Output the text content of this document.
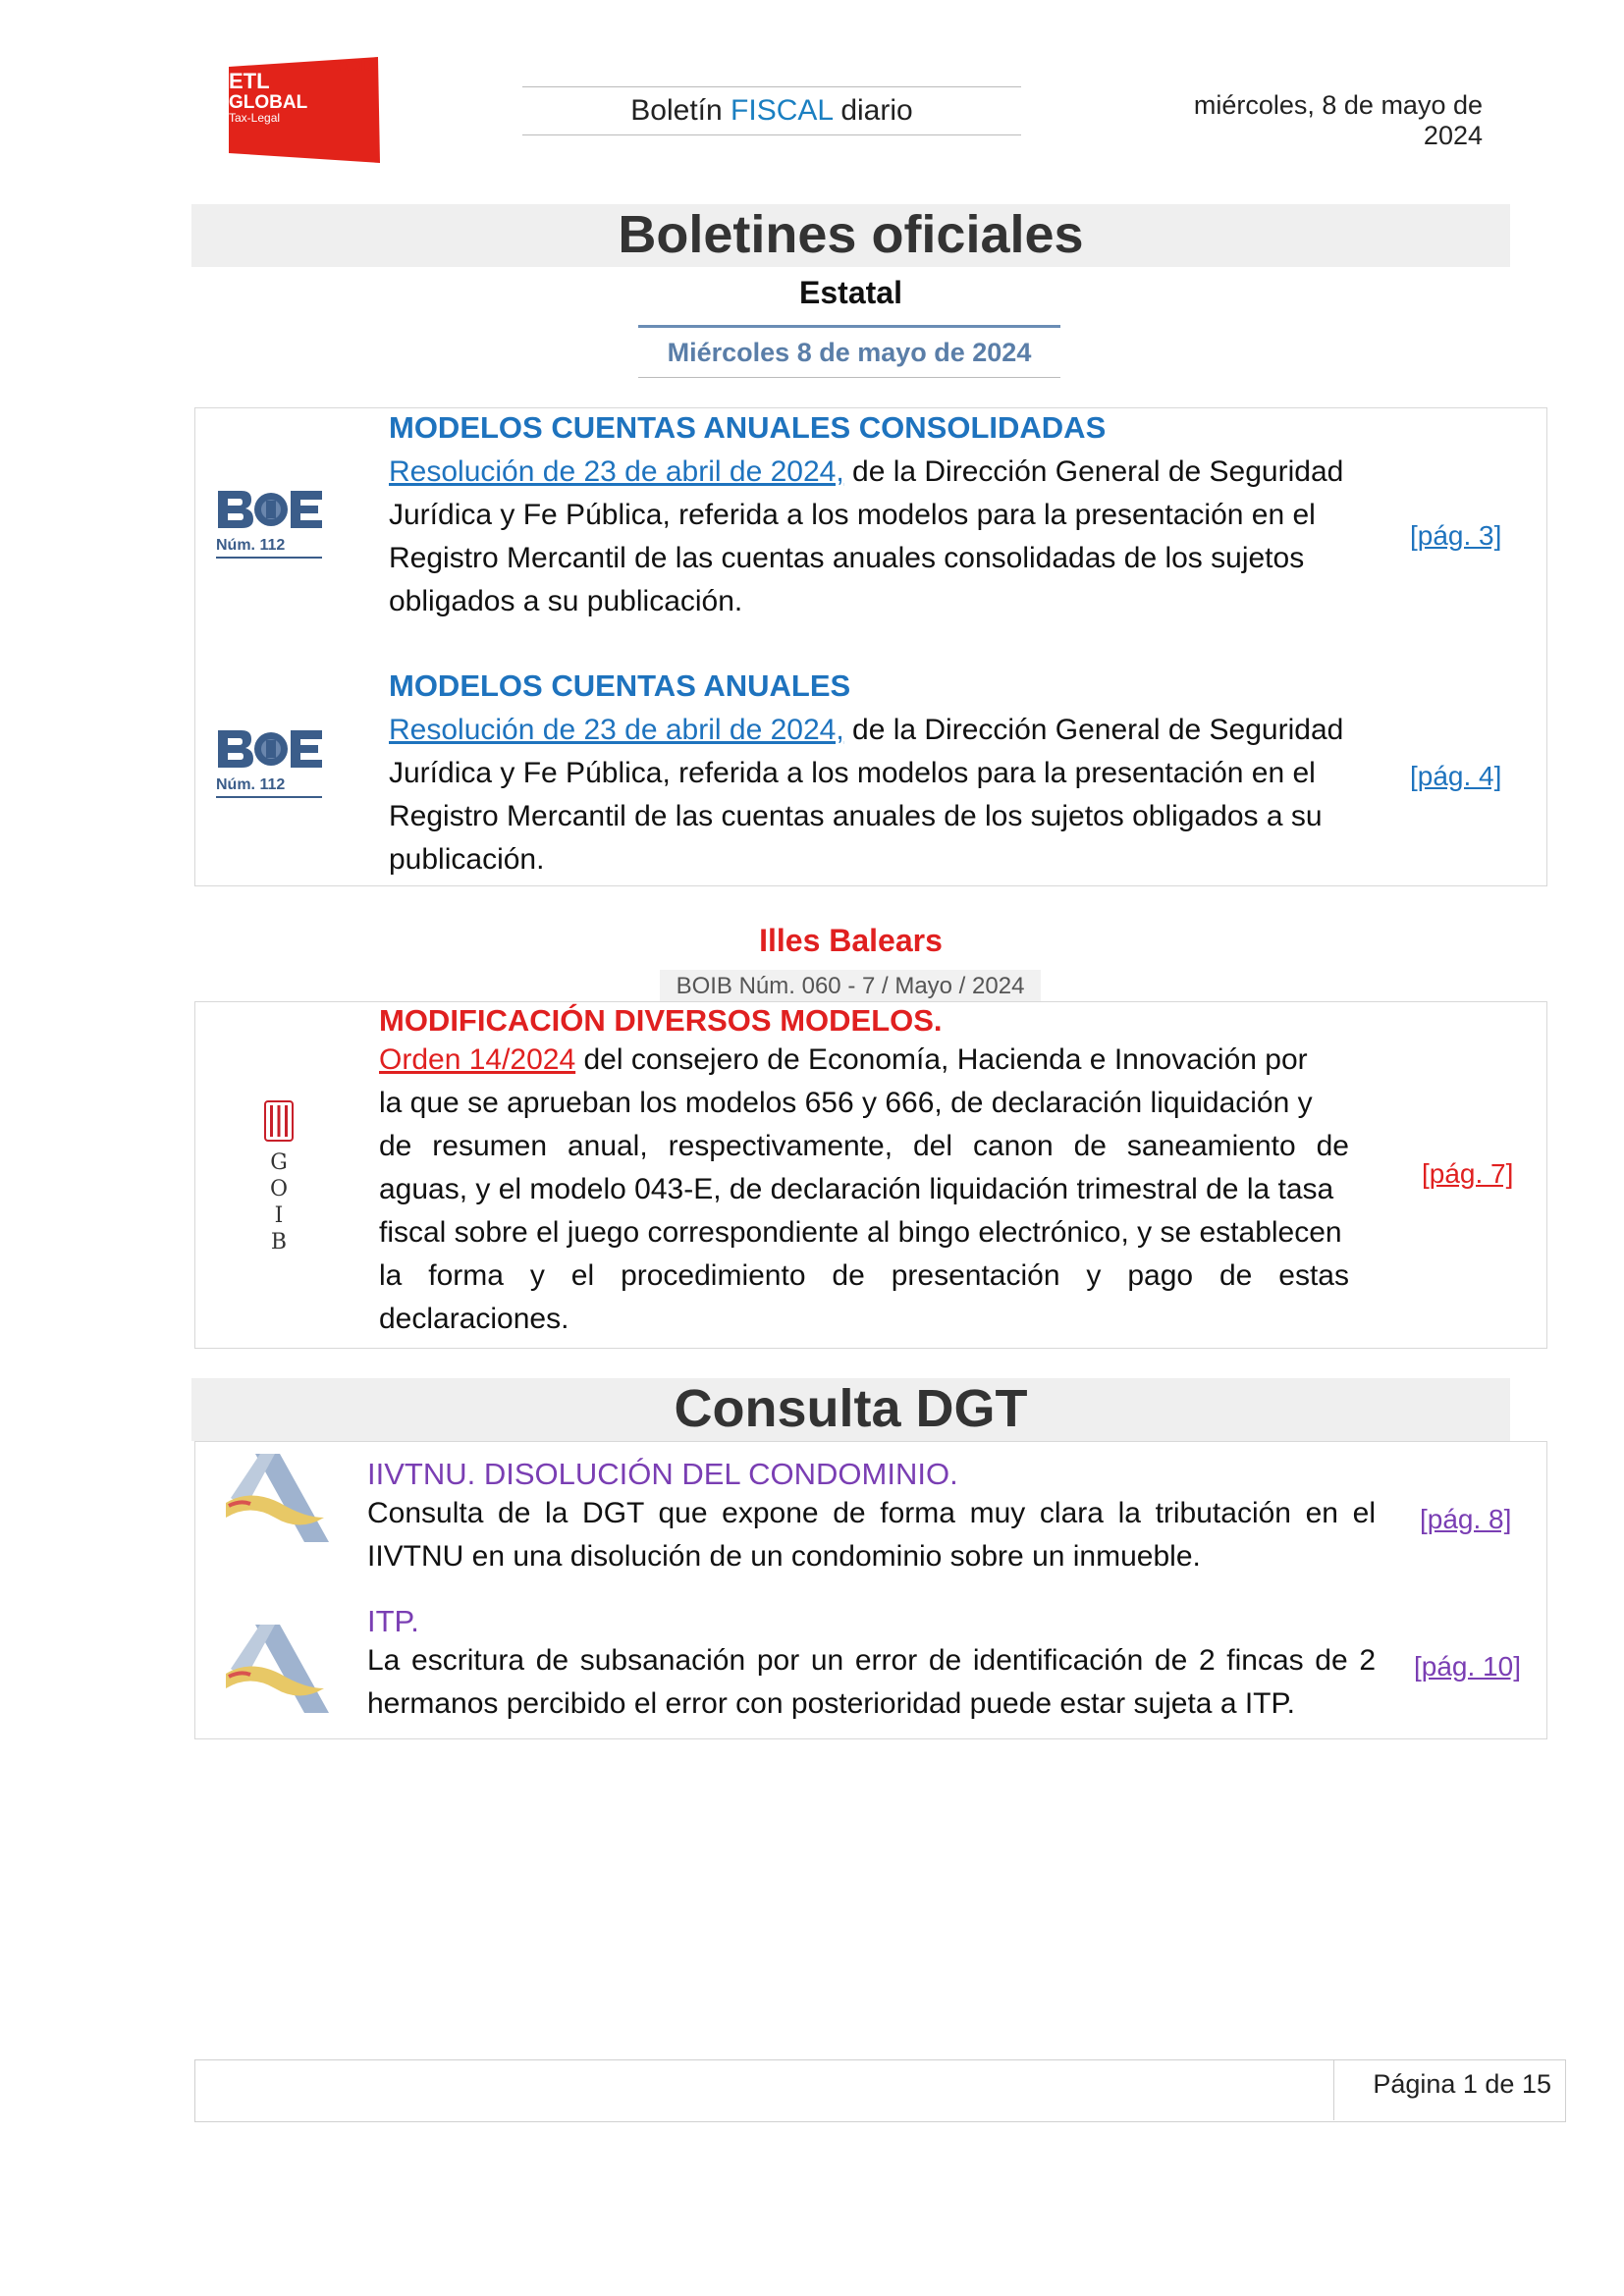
ADD
ETL
GLOBAL
Tax-Legal	Boletín FISCAL diario	miércoles, 8 de mayo de 2024
Boletines oficiales
Estatal
Miércoles 8 de mayo de 2024
Núm. 112
MODELOS CUENTAS ANUALES CONSOLIDADAS
Resolución de 23 de abril de 2024, de la Dirección General de Seguridad
Jurídica y Fe Pública, referida a los modelos para la presentación en el
Registro Mercantil de las cuentas anuales consolidadas de los sujetos
obligados a su publicación.
[pág. 3]
Núm. 112
MODELOS CUENTAS ANUALES
Resolución de 23 de abril de 2024, de la Dirección General de Seguridad
Jurídica y Fe Pública, referida a los modelos para la presentación en el
Registro Mercantil de las cuentas anuales de los sujetos obligados a su
publicación.
[pág. 4]
Illes Balears
BOIB Núm. 060 - 7 / Mayo / 2024
G
O
I
B
MODIFICACIÓN DIVERSOS MODELOS.
Orden 14/2024 del consejero de Economía, Hacienda e Innovación por
la que se aprueban los modelos 656 y 666, de declaración liquidación y
de resumen anual, respectivamente, del canon de saneamiento de
aguas, y el modelo 043-E, de declaración liquidación trimestral de la tasa
fiscal sobre el juego correspondiente al bingo electrónico, y se establecen
la forma y el procedimiento de presentación y pago de estas
declaraciones.
[pág. 7]
Consulta DGT
IIVTNU. DISOLUCIÓN DEL CONDOMINIO.
Consulta de la DGT que expone de forma muy clara la tributación en el
IIVTNU en una disolución de un condominio sobre un inmueble.
[pág. 8]
ITP.
La escritura de subsanación por un error de identificación de 2 fincas de 2
hermanos percibido el error con posterioridad puede estar sujeta a ITP.
[pág. 10]
Página 1 de 15
